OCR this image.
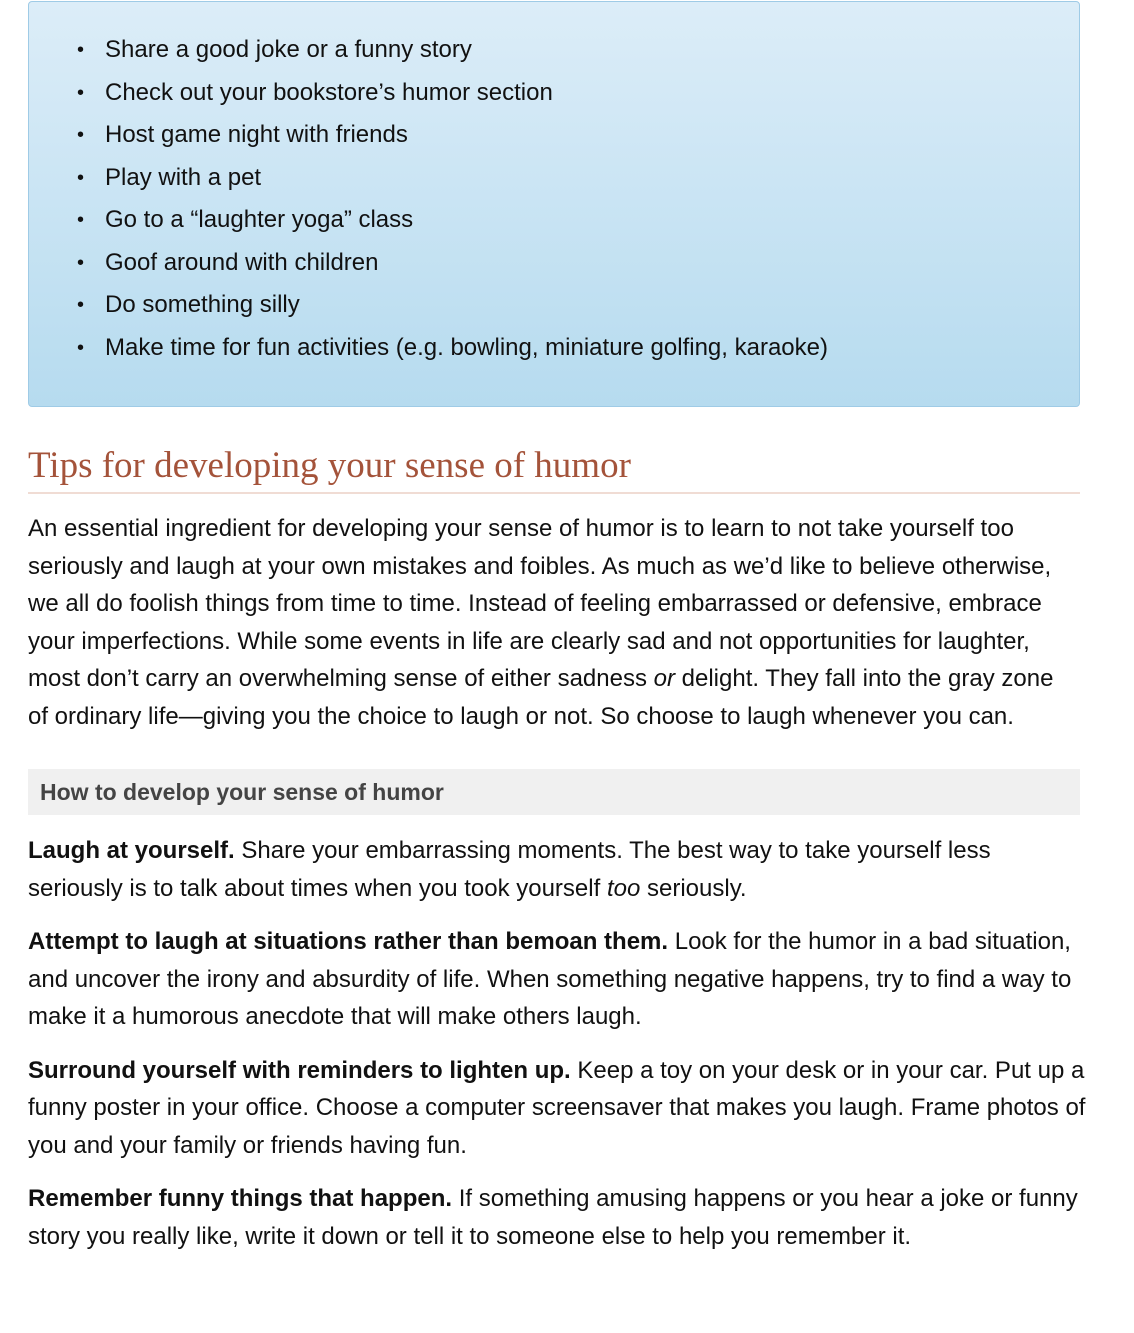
• Share a good joke or a funny story
• Check out your bookstore’s humor section
• Host game night with friends
• Play with a pet
• Go to a “laughter yoga” class
• Goof around with children
• Do something silly
• Make time for fun activities (e.g. bowling, miniature golfing, karaoke)
Tips for developing your sense of humor

An essential ingredient for developing your sense of humor is to learn to not take yourself too seriously and laugh at your own mistakes and foibles. As much as we’d like to believe otherwise, we all do foolish things from time to time. Instead of feeling embarrassed or defensive, embrace your imperfections. While some events in life are clearly sad and not opportunities for laughter, most don’t carry an overwhelming sense of either sadness or delight. They fall into the gray zone of ordinary life—giving you the choice to laugh or not. So choose to laugh whenever you can.

How to develop your sense of humor

Laugh at yourself. Share your embarrassing moments. The best way to take yourself less seriously is to talk about times when you took yourself too seriously.

Attempt to laugh at situations rather than bemoan them. Look for the humor in a bad situation, and uncover the irony and absurdity of life. When something negative happens, try to find a way to make it a humorous anecdote that will make others laugh.

Surround yourself with reminders to lighten up. Keep a toy on your desk or in your car. Put up a funny poster in your office. Choose a computer screensaver that makes you laugh. Frame photos of you and your family or friends having fun.

Remember funny things that happen. If something amusing happens or you hear a joke or funny story you really like, write it down or tell it to someone else to help you remember it.
